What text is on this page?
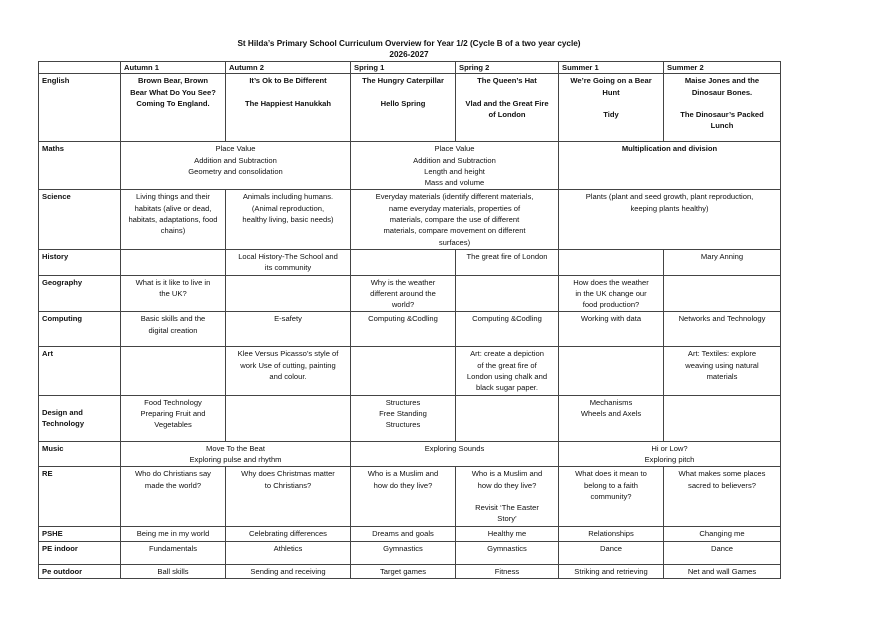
St Hilda’s Primary School Curriculum Overview for Year 1/2 (Cycle B of a two year cycle)
2026-2027
	Autumn 1	Autumn 2	Spring 1	Spring 2	Summer 1	Summer 2
English	Brown Bear, Brown
Bear What Do You See?
Coming To England.	It’s Ok to Be Different
The Happiest Hanukkah	The Hungry Caterpillar
Hello Spring	The Queen’s Hat
Vlad and the Great Fire
of London	We’re Going on a Bear
Hunt
Tidy	Maise Jones and the
Dinosaur Bones.
The Dinosaur’s Packed
Lunch

Maths	Place Value
Addition and Subtraction
Geometry and consolidation		Place Value
Addition and Subtraction
Length and height
Mass and volume		Multiplication and division	

Science	Living things and their
habitats (alive or dead,
habitats, adaptations, food
chains)	Animals including humans.
(Animal reproduction,
healthy living, basic needs)	Everyday materials (identify different materials,
name everyday materials, properties of
materials, compare the use of different
materials, compare movement on different
surfaces)		Plants (plant and seed growth, plant reproduction,
keeping plants healthy)	

History		Local History-The School and
its community		The great fire of London		Mary Anning

Geography	What is it like to live in
the UK?		Why is the weather
different around the
world?		How does the weather
in the UK change our
food production?	

Computing	Basic skills and the
digital creation	E-safety	Computing &Codling	Computing &Codling	Working with data	Networks and Technology

Art		Klee Versus Picasso’s style of
work Use of cutting, painting
and colour.		Art: create a depiction
of the great fire of
London using chalk and
black sugar paper.		Art: Textiles: explore
weaving using natural
materials

Design and
Technology	Food Technology
Preparing Fruit and
Vegetables		Structures
Free Standing
Structures		Mechanisms
Wheels and Axels	

Music	Move To the Beat
Exploring pulse and rhythm		Exploring Sounds		Hi or Low?
Exploring pitch	

RE	Who do Christians say
made the world?	Why does Christmas matter
to Christians?	Who is a Muslim and
how do they live?	Who is a Muslim and
how do they live?
Revisit ‘The Easter
Story’	What does it mean to
belong to a faith
community?	What makes some places
sacred to believers?

PSHE	Being me in my world	Celebrating differences	Dreams and goals	Healthy me	Relationships	Changing me
PE indoor	Fundamentals	Athletics	Gymnastics	Gymnastics	Dance	Dance
Pe outdoor	Ball skills	Sending and receiving	Target games	Fitness	Striking and retrieving	Net and wall Games
